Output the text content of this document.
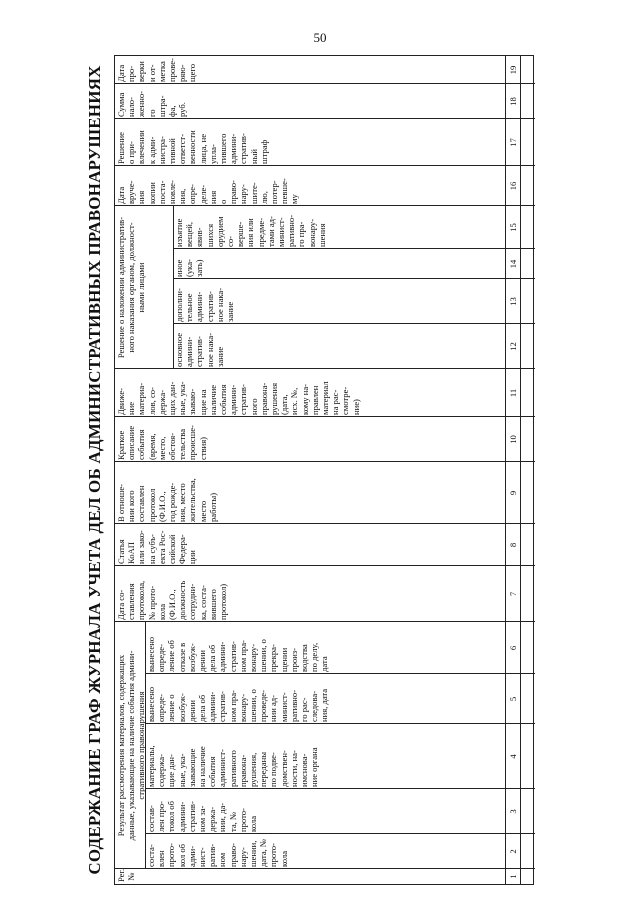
50
СОДЕРЖАНИЕ ГРАФ ЖУРНАЛА УЧЕТА ДЕЛ ОБ АДМИНИСТРАТИВНЫХ ПРАВОНАРУШЕНИЯХ
Рег.
№
Результат рассмотрения материалов, содержащих
данные, указывающие на наличие события админи-
стративного правонарушения
соста-
влен
прото-
кол об
адми-
нист-
ратив-
ном
право-
нару-
шении,
дата, №
прото-
кола
состав-
лен про-
токол об
админи-
стратив-
ном за-
держа-
нии, да-
та, №
прото-
кола
материалы,
содержа-
щие дан-
ные, ука-
зывающие
на наличие
события
админист-
ративного
правона-
рушения,
переданы
по подве-
домствен-
ности, на-
имснова-
ние органа
вынесено
опреде-
ление о
возбуж-
дении
дела об
админи-
стратив-
ном пра-
вонару-
шении, о
проведе-
нии ад-
минист-
ративно-
го рас-
следова-
ния, дата
вынесено
опреде-
ление об
отказе в
возбуж-
дении
дела об
админи-
стратив-
ном пра-
вонару-
шении, о
прекра-
щении
произ-
водства
по делу,
дата
Дата со-
ставления
протокола,
№ прото-
кола
(Ф.И.О.,
должность
сотрудни-
ка, соста-
вившего
протокол)
Статья
КоАП
или зако-
на субъ-
екта Рос-
сийской
Федера-
ции
В отноше-
нии кого
составлен
протокол
(Ф.И.О.,
год рожде-
ния, место
жительства, место
работы)
Краткое
описание
события
(время,
место,
обстоя-
тельства
происше-
ствия)
Движе-
ние
материа-
лов, со-
держа-
щих дан-
ные, ука-
зываю-
щие на
наличие
события
админи-
стратив-
ного
правона-
рушения
(дата,
исх. №,
кому на-
правлен
материал
на рас-
смотре-
ние)
Решение о наложении административ-
ного наказания органом, должност-
ными лицами
основное
админи-
стратив-
ное нака-
зание
дополни-
тельное
админи-
стратив-
ное нака-
зание
иное
(ука-
зать)
изъятие
вещей,
явив-
шихся
орудием
со-
верше-
ния или
предме-
тами ад-
минист-
ративно-
го пра-
вонару-
шения
Дата
вруче-
ния
копии
поста-
новле-
ния,
опре-
деле-
ния
о
право-
нару-
шите-
лю,
потер-
певше-
му
Решение
о при-
влечении
к адми-
нистра-
тивной
ответст-
венности
лица, не
упла-
тившего
админи-
стратив-
ный
штраф
Сумма
нало-
женно-
го
штра-
фа,
руб.
Дата
про-
верки
и от-
метка
прове-
ряю-
щего
1
2
3
4
5
6
7
8
9
10
11
12
13
14
15
16
17
18
19
